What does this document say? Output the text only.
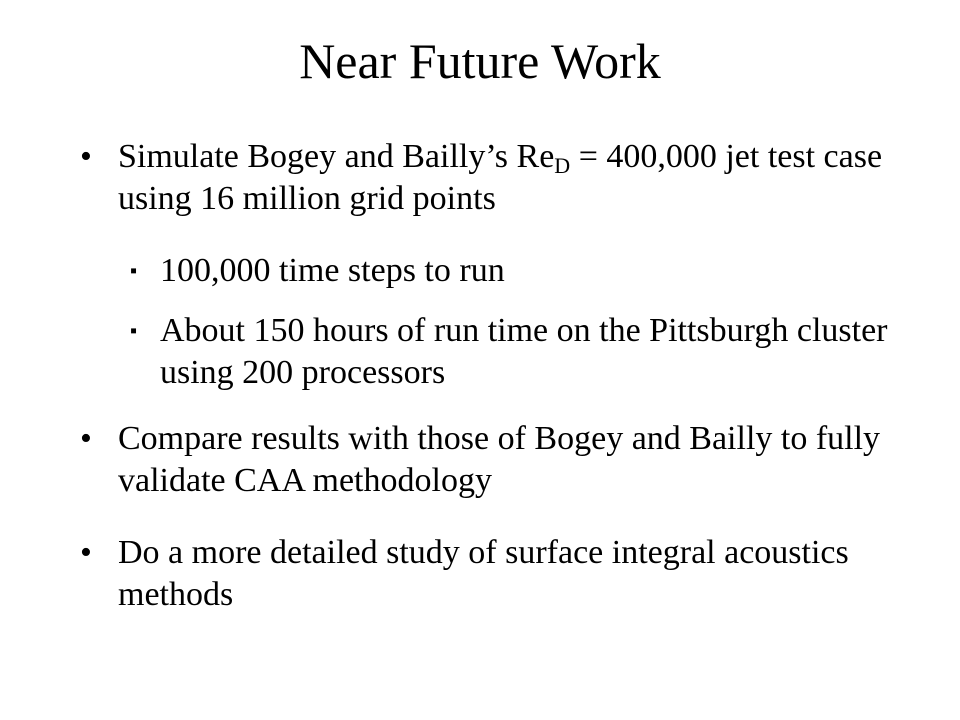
Near Future Work
• Simulate Bogey and Bailly’s $Re_D = 400,000$ jet test case using 16 million grid points
▪ 100,000 time steps to run
▪ About 150 hours of run time on the Pittsburgh cluster using 200 processors
• Compare results with those of Bogey and Bailly to fully validate CAA methodology
• Do a more detailed study of surface integral acoustics methods
